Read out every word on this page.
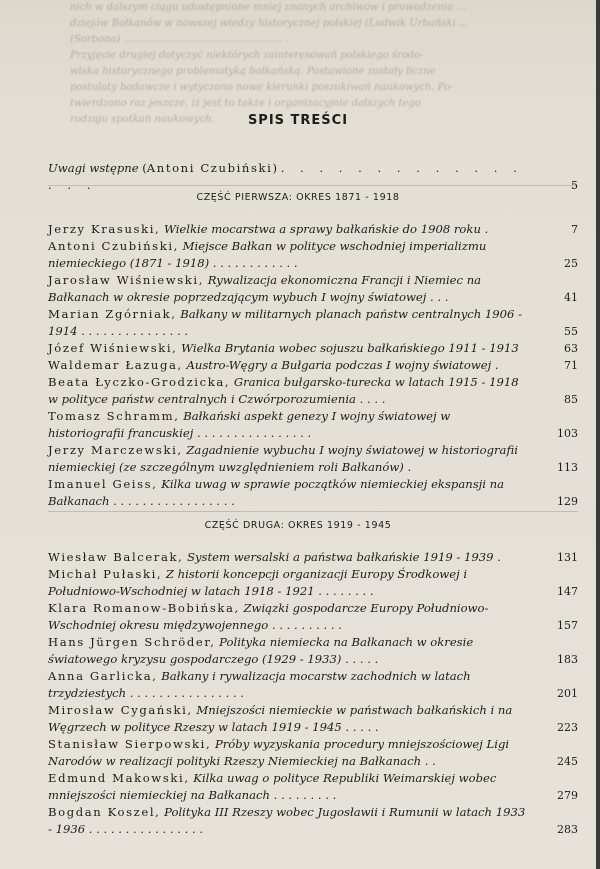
nich w dalszym ciągu udostępnione mniej znanych archiwów i prowadzenia ...
dziejów Bałkanów w nowszej wiedzy historycznej polskiej (Ludwik Urbański ...
(Sorbona) .................................................. .
Przyjęcie drugiej dotyczyć niektórych zainteresowań polskiego środo-
wiska historycznego problematyką bałkańską. Postawione zostały liczne
postulaty badawcze i wytyczono nowe kierunki poszukiwań naukowych. Po-
twierdzono raz jeszcze, iż jest to także i organizacyjnie dalszych tego
rodzaju spotkań naukowych.	SPIS TREŚCI
Uwagi wstępne (Antoni Czubiński) . . . . . . . . . . . . . . . .	5
CZĘŚĆ PIERWSZA: OKRES 1871 - 1918
Jerzy Krasuski, Wielkie mocarstwa a sprawy bałkańskie do 1908 roku .	7
Antoni Czubiński, Miejsce Bałkan w polityce wschodniej imperializmu niemieckiego (1871 - 1918) . . . . . . . . . . . .	25
Jarosław Wiśniewski, Rywalizacja ekonomiczna Francji i Niemiec na Bałkanach w okresie poprzedzającym wybuch I wojny światowej . . .	41
Marian Zgórniak, Bałkany w militarnych planach państw centralnych 1906 - 1914 . . . . . . . . . . . . . . .	55
Józef Wiśniewski, Wielka Brytania wobec sojuszu bałkańskiego 1911 - 1913	63
Waldemar Łazuga, Austro-Węgry a Bułgaria podczas I wojny światowej .	71
Beata Łyczko-Grodzicka, Granica bułgarsko-turecka w latach 1915 - 1918 w polityce państw centralnych i Czwórporozumienia . . . .	85
Tomasz Schramm, Bałkański aspekt genezy I wojny światowej w historiografii francuskiej . . . . . . . . . . . . . . . .	103
Jerzy Marczewski, Zagadnienie wybuchu I wojny światowej w historiografii niemieckiej (ze szczególnym uwzględnieniem roli Bałkanów) .	113
Imanuel Geiss, Kilka uwag w sprawie początków niemieckiej ekspansji na Bałkanach . . . . . . . . . . . . . . . . .	129
CZĘŚĆ DRUGA: OKRES 1919 - 1945
Wiesław Balcerak, System wersalski a państwa bałkańskie 1919 - 1939 .	131
Michał Pułaski, Z historii koncepcji organizacji Europy Środkowej i Południowo-Wschodniej w latach 1918 - 1921 . . . . . . . .	147
Klara Romanow-Bobińska, Związki gospodarcze Europy Południowo-Wschodniej okresu międzywojennego . . . . . . . . . .	157
Hans Jürgen Schröder, Polityka niemiecka na Bałkanach w okresie światowego kryzysu gospodarczego (1929 - 1933) . . . . .	183
Anna Garlicka, Bałkany i rywalizacja mocarstw zachodnich w latach trzydziestych . . . . . . . . . . . . . . . .	201
Mirosław Cygański, Mniejszości niemieckie w państwach bałkańskich i na Węgrzech w polityce Rzeszy w latach 1919 - 1945 . . . . .	223
Stanisław Sierpowski, Próby wyzyskania procedury mniejszościowej Ligi Narodów w realizacji polityki Rzeszy Niemieckiej na Bałkanach . .	245
Edmund Makowski, Kilka uwag o polityce Republiki Weimarskiej wobec mniejszości niemieckiej na Bałkanach . . . . . . . . .	279
Bogdan Koszel, Polityka III Rzeszy wobec Jugosławii i Rumunii w latach 1933 - 1936 . . . . . . . . . . . . . . . .	283
